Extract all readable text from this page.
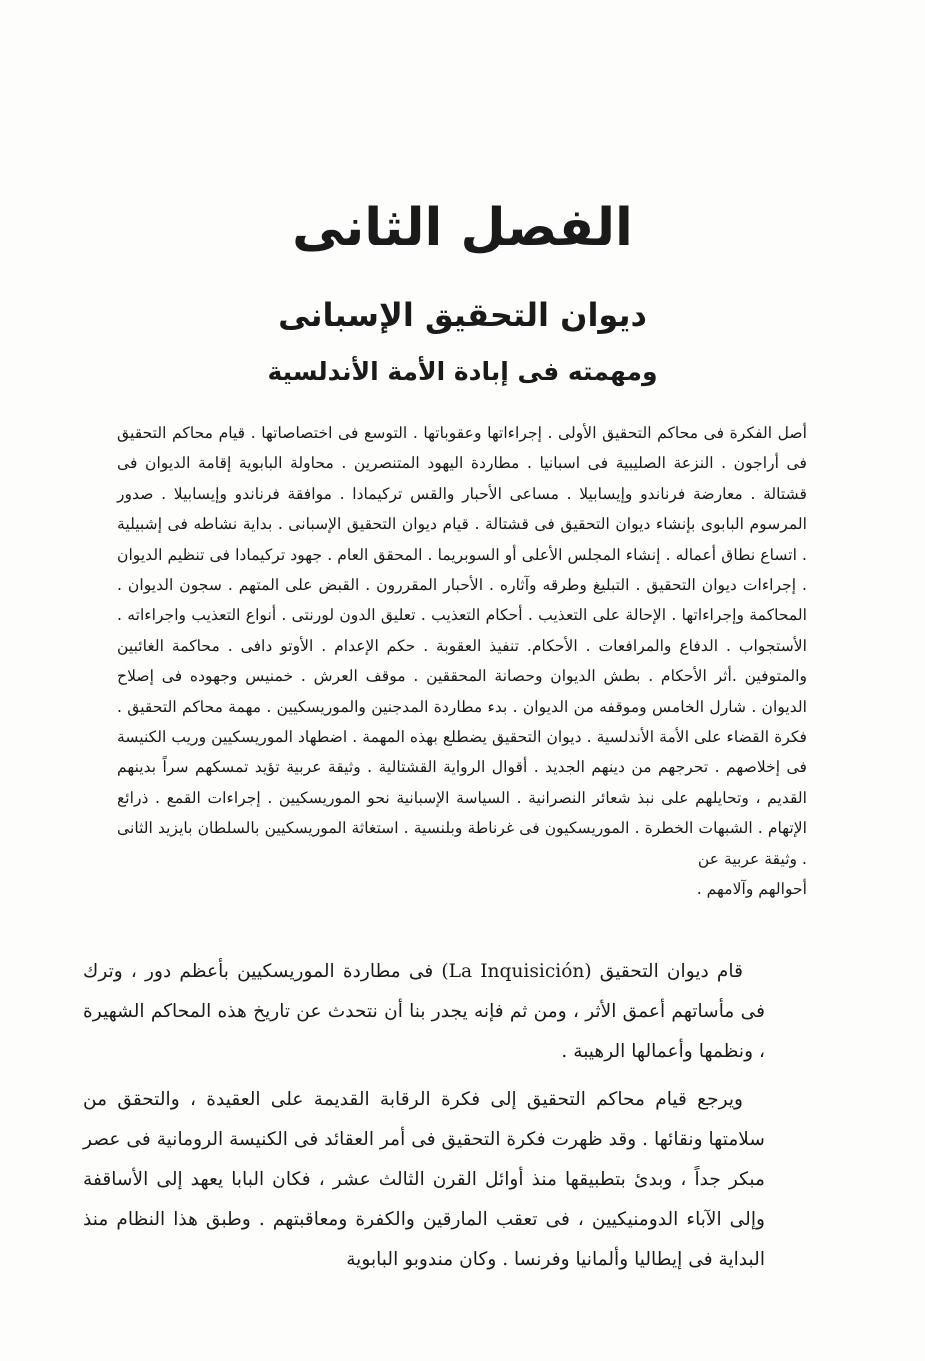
الفصل الثانى
ديوان التحقيق الإسبانى
ومهمته فى إبادة الأمة الأندلسية
أصل الفكرة فى محاكم التحقيق الأولى . إجراءاتها وعقوباتها . التوسع فى اختصاصاتها . قيام محاكم التحقيق فى أراجون . النزعة الصليبية فى اسبانيا . مطاردة اليهود المتنصرين . محاولة البابوية إقامة الديوان فى قشتالة . معارضة فرناندو وإيسابيلا . مساعى الأحبار والقس تركيمادا . موافقة فرناندو وإيسابيلا . صدور المرسوم البابوى بإنشاء ديوان التحقيق فى قشتالة . قيام ديوان التحقيق الإسبانى . بداية نشاطه فى إشبيلية . اتساع نطاق أعماله . إنشاء المجلس الأعلى أو السوبريما . المحقق العام . جهود تركيمادا فى تنظيم الديوان . إجراءات ديوان التحقيق . التبليغ وطرقه وآثاره . الأحبار المقررون . القبض على المتهم . سجون الديوان . المحاكمة وإجراءاتها . الإحالة على التعذيب . أحكام التعذيب . تعليق الدون لورنتى . أنواع التعذيب واجراءاته . الأستجواب . الدفاع والمرافعات . الأحكام. تنفيذ العقوبة . حكم الإعدام . الأوتو دافى . محاكمة الغائبين والمتوفين .أثر الأحكام . بطش الديوان وحصانة المحققين . موقف العرش . خمنيس وجهوده فى إصلاح الديوان . شارل الخامس وموقفه من الديوان . بدء مطاردة المدجنين والموريسكيين . مهمة محاكم التحقيق . فكرة القضاء على الأمة الأندلسية . ديوان التحقيق يضطلع بهذه المهمة . اضطهاد الموريسكيين وريب الكنيسة فى إخلاصهم . تحرجهم من دينهم الجديد . أقوال الرواية القشتالية . وثيقة عربية تؤيد تمسكهم سراً بدينهم القديم ، وتحايلهم على نبذ شعائر النصرانية . السياسة الإسبانية نحو الموريسكيين . إجراءات القمع . ذرائع الإتهام . الشبهات الخطرة . الموريسكيون فى غرناطة وبلنسية . استغاثة الموريسكيين بالسلطان بايزيد الثانى . وثيقة عربية عن
أحوالهم وآلامهم .

قام ديوان التحقيق (La Inquisición) فى مطاردة الموريسكيين بأعظم دور ، وترك فى مأساتهم أعمق الأثر ، ومن ثم فإنه يجدر بنا أن نتحدث عن تاريخ هذه المحاكم الشهيرة ، ونظمها وأعمالها الرهيبة .

ويرجع قيام محاكم التحقيق إلى فكرة الرقابة القديمة على العقيدة ، والتحقق من سلامتها ونقائها . وقد ظهرت فكرة التحقيق فى أمر العقائد فى الكنيسة الرومانية فى عصر مبكر جداً ، وبدئ بتطبيقها منذ أوائل القرن الثالث عشر ، فكان البابا يعهد إلى الأساقفة وإلى الآباء الدومنيكيين ، فى تعقب المارقين والكفرة ومعاقبتهم . وطبق هذا النظام منذ البداية فى إيطاليا وألمانيا وفرنسا . وكان مندوبو البابوية
